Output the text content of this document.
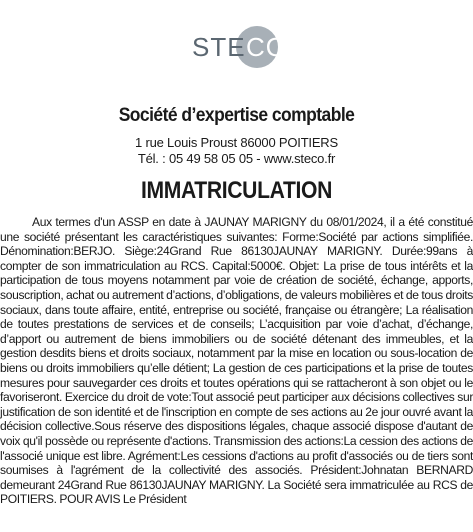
STE CO
Société d’expertise comptable
1 rue Louis Proust 86000 POITIERS
Tél. : 05 49 58 05 05 - www.steco.fr
IMMATRICULATION
Aux termes d'un ASSP en date à JAUNAY MARIGNY du 08/01/2024, il a été constitué une société présentant les caractéristiques suivantes: Forme:Société par actions simplifiée. Dénomination:BERJO. Siège:24Grand Rue 86130JAUNAY MARIGNY. Durée:99ans à compter de son immatriculation au RCS. Capital:5000€. Objet: La prise de tous intérêts et la participation de tous moyens notamment par voie de création de société, échange, apports, souscription, achat ou autrement d’actions, d’obligations, de valeurs mobilières et de tous droits sociaux, dans toute affaire, entité, entreprise ou société, française ou étrangère; La réalisation de toutes prestations de services et de conseils; L’acquisition par voie d’achat, d’échange, d’apport ou autrement de biens immobiliers ou de société détenant des immeubles, et la gestion desdits biens et droits sociaux, notamment par la mise en location ou sous-location de biens ou droits immobiliers qu’elle détient; La gestion de ces participations et la prise de toutes mesures pour sauvegarder ces droits et toutes opérations qui se rattacheront à son objet ou le favoriseront. Exercice du droit de vote:Tout associé peut participer aux décisions collectives sur justification de son identité et de l'inscription en compte de ses actions au 2e jour ouvré avant la décision collective.Sous réserve des dispositions légales, chaque associé dispose d'autant de voix qu'il possède ou représente d'actions. Transmission des actions:La cession des actions de l'associé unique est libre. Agrément:Les cessions d'actions au profit d'associés ou de tiers sont soumises à l'agrément de la collectivité des associés. Président:Johnatan BERNARD demeurant 24Grand Rue 86130JAUNAY MARIGNY. La Société sera immatriculée au RCS de POITIERS. POUR AVIS Le Président
